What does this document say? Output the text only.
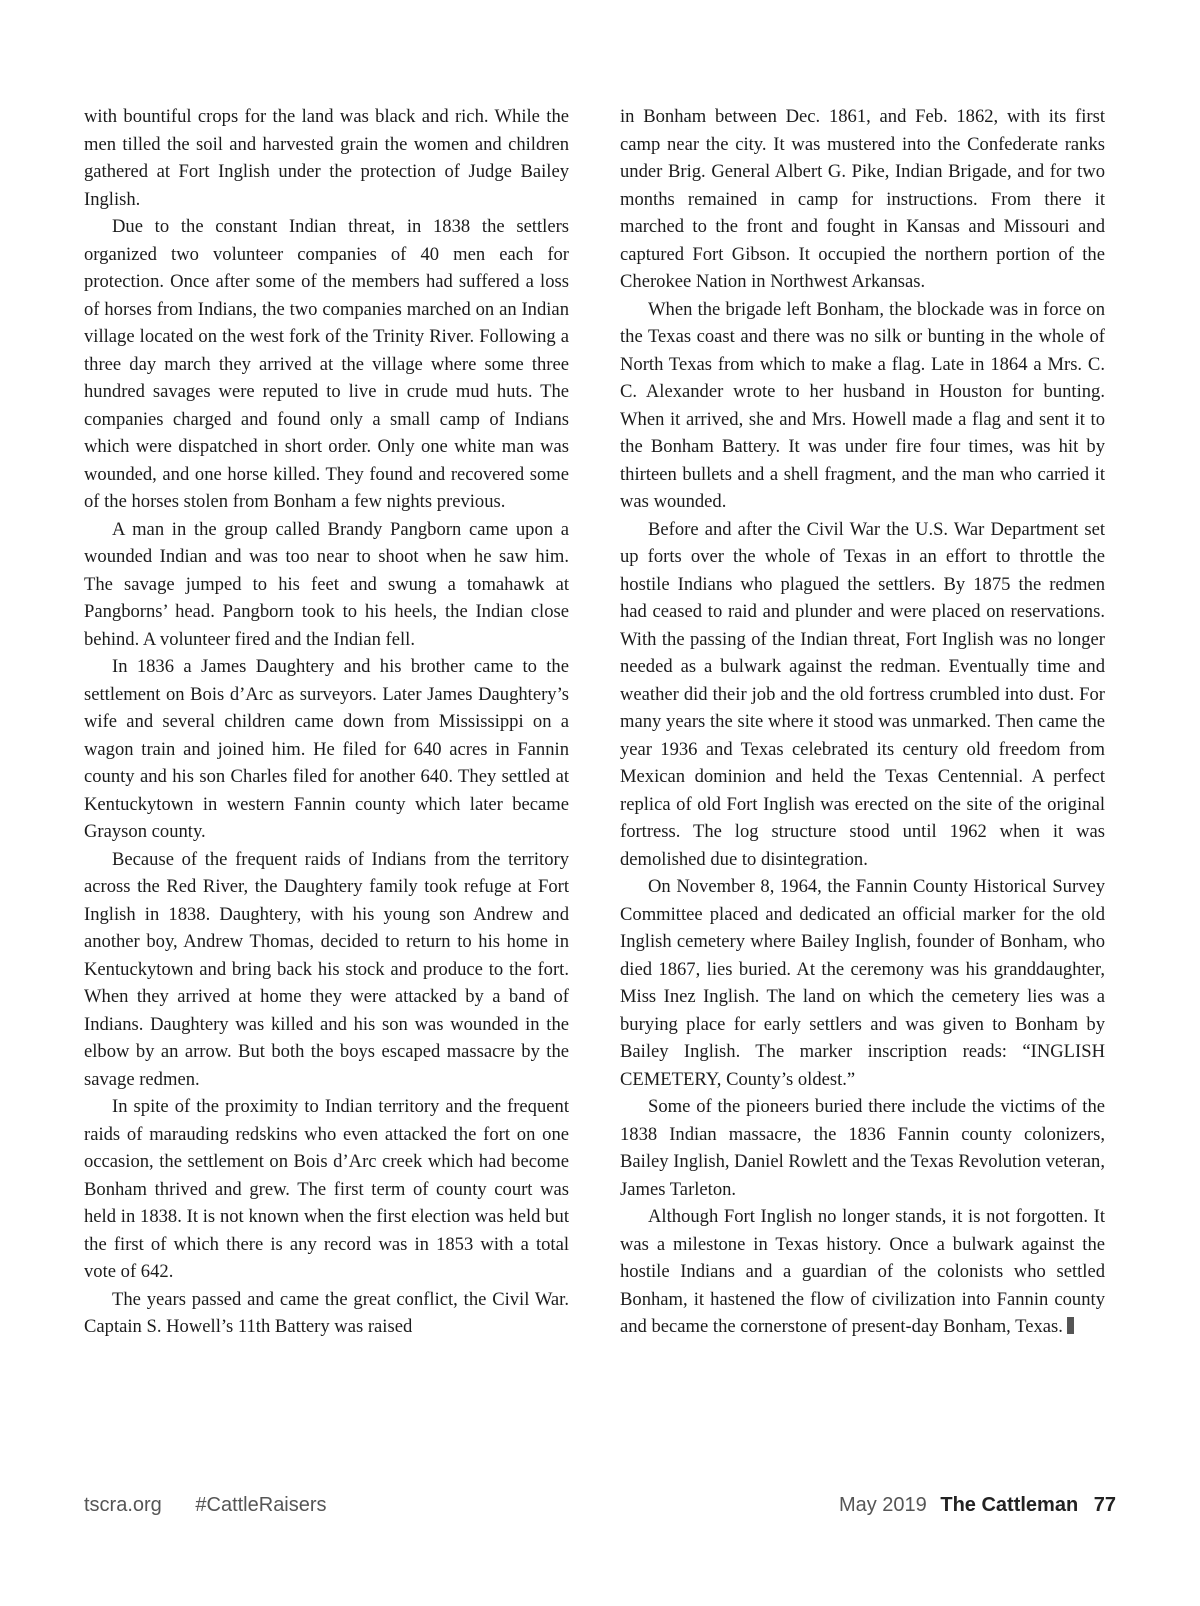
with bountiful crops for the land was black and rich. While the men tilled the soil and harvested grain the women and children gathered at Fort Inglish under the protection of Judge Bailey Inglish.

Due to the constant Indian threat, in 1838 the settlers organized two volunteer companies of 40 men each for protection. Once after some of the members had suffered a loss of horses from Indians, the two companies marched on an Indian village located on the west fork of the Trinity River. Following a three day march they arrived at the village where some three hundred savages were reputed to live in crude mud huts. The companies charged and found only a small camp of Indians which were dispatched in short order. Only one white man was wounded, and one horse killed. They found and recovered some of the horses stolen from Bonham a few nights previous.

A man in the group called Brandy Pangborn came upon a wounded Indian and was too near to shoot when he saw him. The savage jumped to his feet and swung a tomahawk at Pangborns’ head. Pangborn took to his heels, the Indian close behind. A volunteer fired and the Indian fell.

In 1836 a James Daughtery and his brother came to the settlement on Bois d’Arc as surveyors. Later James Daughtery’s wife and several children came down from Mississippi on a wagon train and joined him. He filed for 640 acres in Fannin county and his son Charles filed for another 640. They settled at Kentuckytown in western Fannin county which later became Grayson county.

Because of the frequent raids of Indians from the territory across the Red River, the Daughtery family took refuge at Fort Inglish in 1838. Daughtery, with his young son Andrew and another boy, Andrew Thomas, decided to return to his home in Kentuckytown and bring back his stock and produce to the fort. When they arrived at home they were attacked by a band of Indians. Daughtery was killed and his son was wounded in the elbow by an arrow. But both the boys escaped massacre by the savage redmen.

In spite of the proximity to Indian territory and the frequent raids of marauding redskins who even attacked the fort on one occasion, the settlement on Bois d’Arc creek which had become Bonham thrived and grew. The first term of county court was held in 1838. It is not known when the first election was held but the first of which there is any record was in 1853 with a total vote of 642.

The years passed and came the great conflict, the Civil War. Captain S. Howell’s 11th Battery was raised

in Bonham between Dec. 1861, and Feb. 1862, with its first camp near the city. It was mustered into the Confederate ranks under Brig. General Albert G. Pike, Indian Brigade, and for two months remained in camp for instructions. From there it marched to the front and fought in Kansas and Missouri and captured Fort Gibson. It occupied the northern portion of the Cherokee Nation in Northwest Arkansas.

When the brigade left Bonham, the blockade was in force on the Texas coast and there was no silk or bunting in the whole of North Texas from which to make a flag. Late in 1864 a Mrs. C. C. Alexander wrote to her husband in Houston for bunting. When it arrived, she and Mrs. Howell made a flag and sent it to the Bonham Battery. It was under fire four times, was hit by thirteen bullets and a shell fragment, and the man who carried it was wounded.

Before and after the Civil War the U.S. War Department set up forts over the whole of Texas in an effort to throttle the hostile Indians who plagued the settlers. By 1875 the redmen had ceased to raid and plunder and were placed on reservations. With the passing of the Indian threat, Fort Inglish was no longer needed as a bulwark against the redman. Eventually time and weather did their job and the old fortress crumbled into dust. For many years the site where it stood was unmarked. Then came the year 1936 and Texas celebrated its century old freedom from Mexican dominion and held the Texas Centennial. A perfect replica of old Fort Inglish was erected on the site of the original fortress. The log structure stood until 1962 when it was demolished due to disintegration.

On November 8, 1964, the Fannin County Historical Survey Committee placed and dedicated an official marker for the old Inglish cemetery where Bailey Inglish, founder of Bonham, who died 1867, lies buried. At the ceremony was his granddaughter, Miss Inez Inglish. The land on which the cemetery lies was a burying place for early settlers and was given to Bonham by Bailey Inglish. The marker inscription reads: “INGLISH CEMETERY, County’s oldest.”

Some of the pioneers buried there include the victims of the 1838 Indian massacre, the 1836 Fannin county colonizers, Bailey Inglish, Daniel Rowlett and the Texas Revolution veteran, James Tarleton.

Although Fort Inglish no longer stands, it is not forgotten. It was a milestone in Texas history. Once a bulwark against the hostile Indians and a guardian of the colonists who settled Bonham, it hastened the flow of civilization into Fannin county and became the cornerstone of present-day Bonham, Texas.

tscra.org #CattleRaisers	May 2019 The Cattleman 77
